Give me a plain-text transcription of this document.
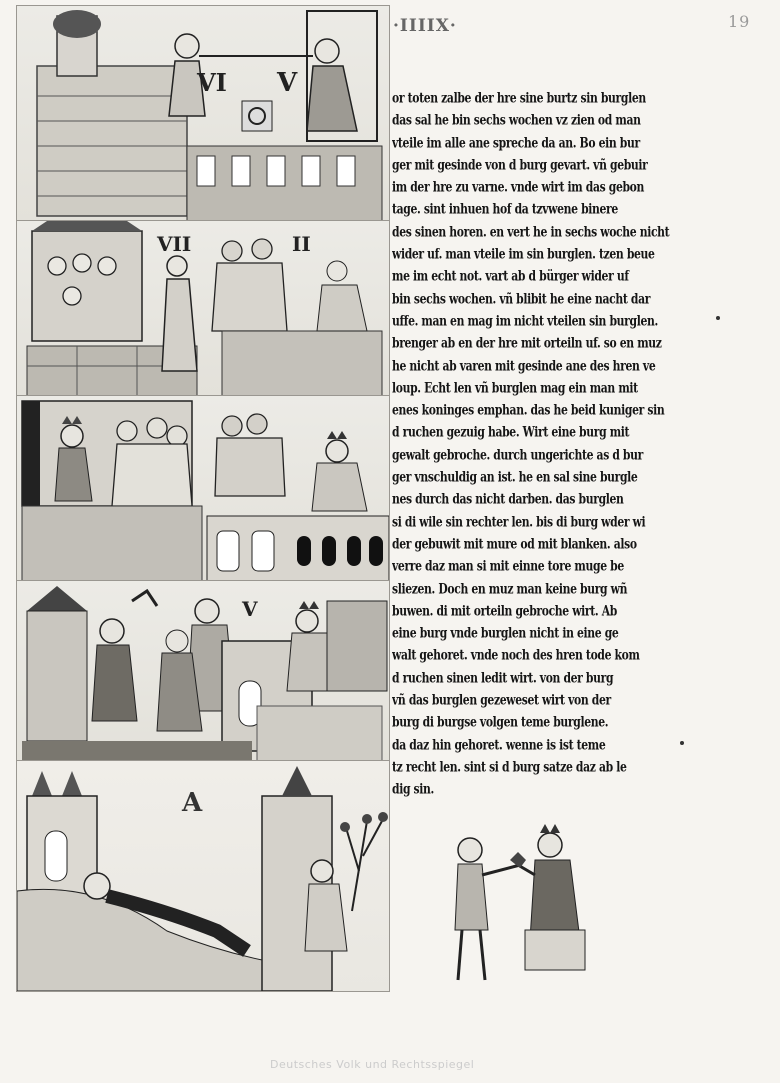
·IIIIX·	19
VI V
VII	II
V
A
or toten zalbe der hre sine burtz sin burglen
das sal he bin sechs wochen vz zien od man
vteile im alle ane spreche da an. Bo ein bur
ger mit gesinde von d burg gevart. vñ gebuir
im der hre zu varne. vnde wirt im das gebon
tage. sint inhuen hof da tzvwene binere
des sinen horen. en vert he in sechs woche nicht
wider uf. man vteile im sin burglen. tzen beue
me im echt not. vart ab d bürger wider uf
bin sechs wochen. vñ blibit he eine nacht dar
uffe. man en mag im nicht vteilen sin burglen.
brenger ab en der hre mit orteiln uf. so en muz
he nicht ab varen mit gesinde ane des hren ve
loup. Echt len vñ burglen mag ein man mit
enes koninges emphan. das he beid kuniger sin
d ruchen gezuig habe. Wirt eine burg mit
gewalt gebroche. durch ungerichte as d bur
ger vnschuldig an ist. he en sal sine burgle
nes durch das nicht darben. das burglen
si di wile sin rechter len. bis di burg wder wi
der gebuwit mit mure od mit blanken. also
verre daz man si mit einne tore muge be
sliezen. Doch en muz man keine burg wñ
buwen. di mit orteiln gebroche wirt. Ab
eine burg vnde burglen nicht in eine ge
walt gehoret. vnde noch des hren tode kom
d ruchen sinen ledit wirt. von der burg
vñ das burglen gezeweset wirt von der
burg di burgse volgen teme burglene.
da daz hin gehoret. wenne is ist teme
tz recht len. sint si d burg satze daz ab le
dig sin.
Deutsches Volk und Rechtsspiegel
